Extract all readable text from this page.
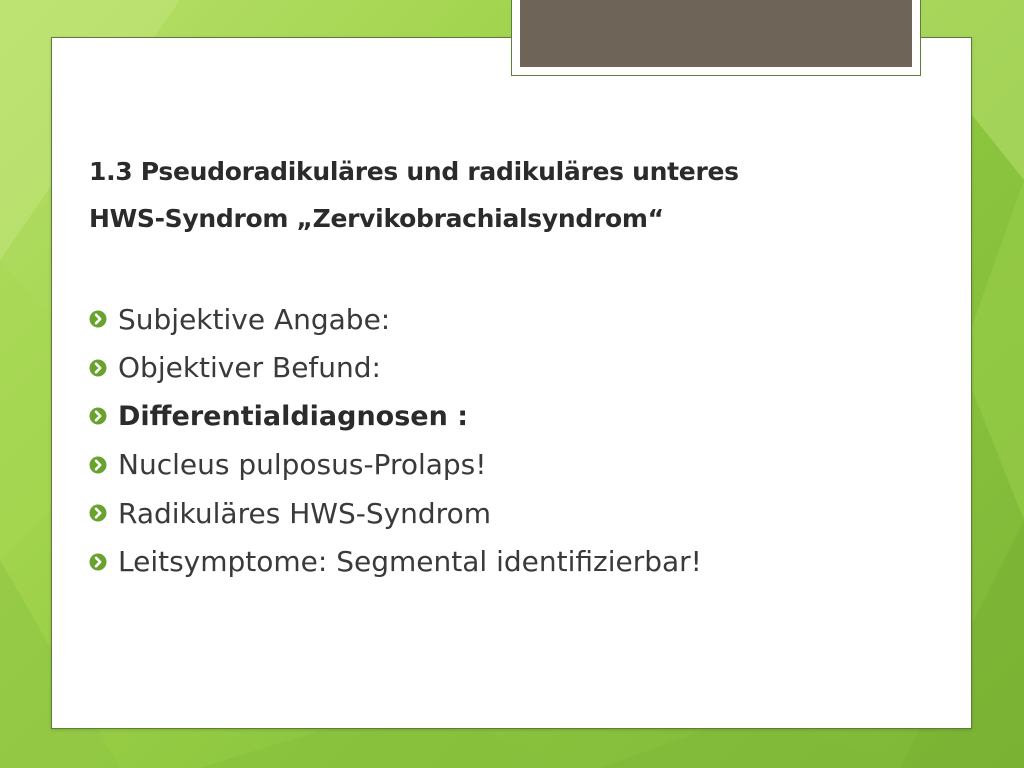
1.3 Pseudoradikuläres und radikuläres unteres
HWS-Syndrom „Zervikobrachialsyndrom“
Subjektive Angabe:
Objektiver Befund:
Differentialdiagnosen :
Nucleus pulposus-Prolaps!
Radikuläres HWS-Syndrom
Leitsymptome: Segmental identifizierbar!
